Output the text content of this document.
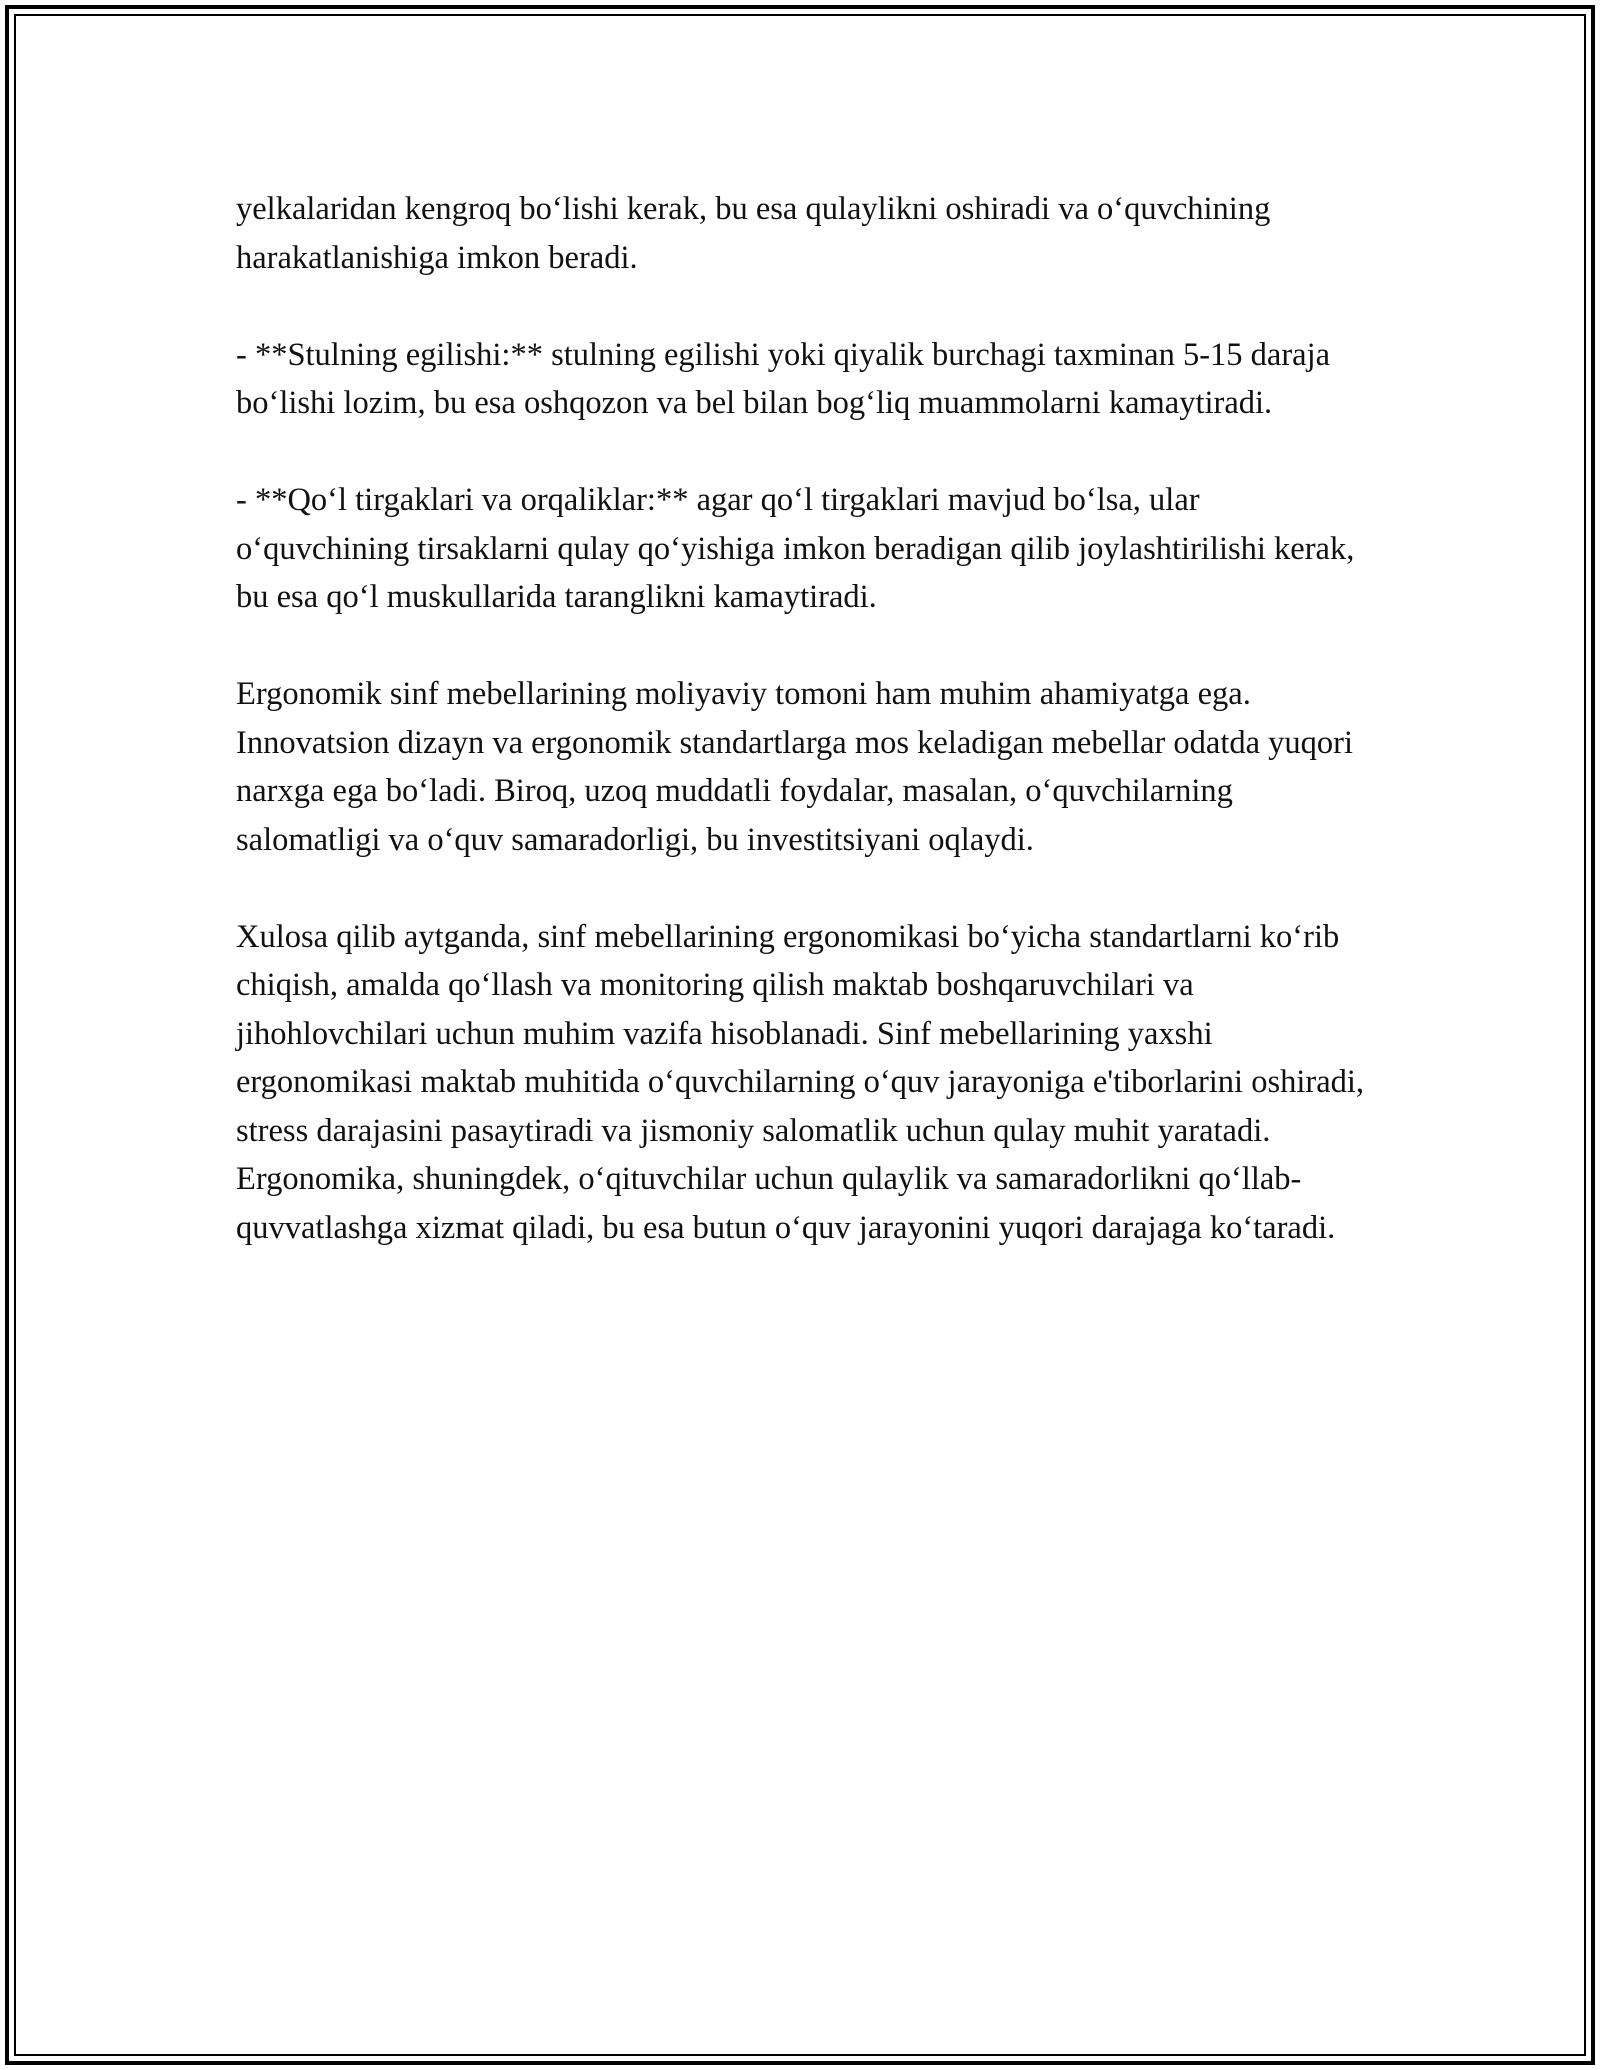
yelkalaridan kengroq bo‘lishi kerak, bu esa qulaylikni oshiradi va o‘quvchining harakatlanishiga imkon beradi.

- **Stulning egilishi:** stulning egilishi yoki qiyalik burchagi taxminan 5-15 daraja bo‘lishi lozim, bu esa oshqozon va bel bilan bog‘liq muammolarni kamaytiradi.

- **Qo‘l tirgaklari va orqaliklar:** agar qo‘l tirgaklari mavjud bo‘lsa, ular o‘quvchining tirsaklarni qulay qo‘yishiga imkon beradigan qilib joylashtirilishi kerak, bu esa qo‘l muskullarida taranglikni kamaytiradi.

Ergonomik sinf mebellarining moliyaviy tomoni ham muhim ahamiyatga ega. Innovatsion dizayn va ergonomik standartlarga mos keladigan mebellar odatda yuqori narxga ega bo‘ladi. Biroq, uzoq muddatli foydalar, masalan, o‘quvchilarning salomatligi va o‘quv samaradorligi, bu investitsiyani oqlaydi.

Xulosa qilib aytganda, sinf mebellarining ergonomikasi bo‘yicha standartlarni ko‘rib chiqish, amalda qo‘llash va monitoring qilish maktab boshqaruvchilari va jihohlovchilari uchun muhim vazifa hisoblanadi. Sinf mebellarining yaxshi ergonomikasi maktab muhitida o‘quvchilarning o‘quv jarayoniga e'tiborlarini oshiradi, stress darajasini pasaytiradi va jismoniy salomatlik uchun qulay muhit yaratadi. Ergonomika, shuningdek, o‘qituvchilar uchun qulaylik va samaradorlikni qo‘llab-quvvatlashga xizmat qiladi, bu esa butun o‘quv jarayonini yuqori darajaga ko‘taradi.
